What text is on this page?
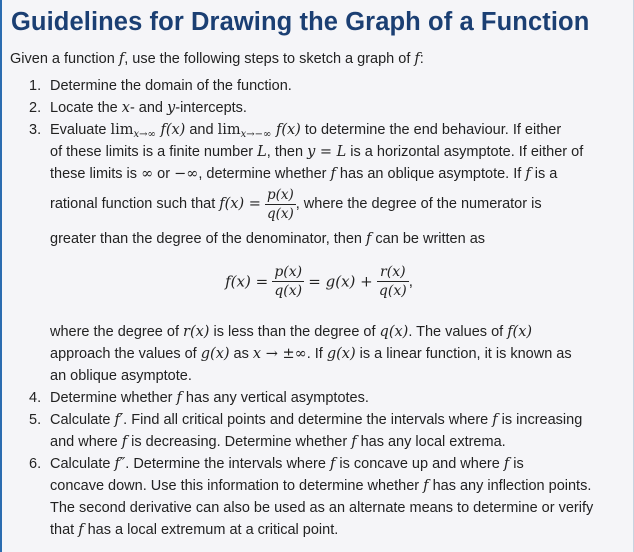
Guidelines for Drawing the Graph of a Function

Given a function f, use the following steps to sketch a graph of f:

1. Determine the domain of the function.
2. Locate the x- and y-intercepts.
3. Evaluate $\lim_{x\to\infty} f(x)$ and $\lim_{x\to-\infty} f(x)$ to determine the end behaviour. If either
of these limits is a finite number L, then y = L is a horizontal asymptote. If either of
these limits is ∞ or −∞, determine whether f has an oblique asymptote. If f is a
rational function such that $f(x) = \frac{p(x)}{q(x)}$ , where the degree of the numerator is
greater than the degree of the denominator, then f can be written as
$f(x) = \frac{p(x)}{q(x)} = g(x) + \frac{r(x)}{q(x)}$ ,
where the degree of r(x) is less than the degree of q(x). The values of f(x)
approach the values of g(x) as x → ±∞. If g(x) is a linear function, it is known as
an oblique asymptote.
4. Determine whether f has any vertical asymptotes.
5. Calculate f′. Find all critical points and determine the intervals where f is increasing
and where f is decreasing. Determine whether f has any local extrema.
6. Calculate f″. Determine the intervals where f is concave up and where f is
concave down. Use this information to determine whether f has any inflection points.
The second derivative can also be used as an alternate means to determine or verify
that f has a local extremum at a critical point.
